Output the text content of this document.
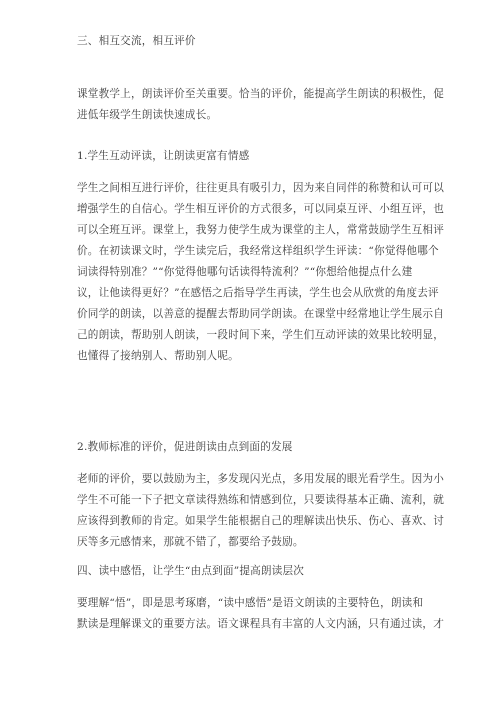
三、相互交流，相互评价
课堂教学上，朗读评价至关重要。恰当的评价，能提高学生朗读的积极性，促
进低年级学生朗读快速成长。
1.学生互动评读，让朗读更富有情感
学生之间相互进行评价，往往更具有吸引力，因为来自同伴的称赞和认可可以
增强学生的自信心。学生相互评价的方式很多，可以同桌互评、小组互评，也
可以全班互评。课堂上，我努力使学生成为课堂的主人，常常鼓励学生互相评
价。在初读课文时，学生读完后，我经常这样组织学生评读：“你觉得他哪个
词读得特别准？”“你觉得他哪句话读得特流利？”“你想给他提点什么建
议，让他读得更好？”在感悟之后指导学生再读，学生也会从欣赏的角度去评
价同学的朗读，以善意的提醒去帮助同学朗读。在课堂中经常地让学生展示自
己的朗读，帮助别人朗读，一段时间下来，学生们互动评读的效果比较明显，
也懂得了接纳别人、帮助别人呢。
2.教师标准的评价，促进朗读由点到面的发展
老师的评价，要以鼓励为主，多发现闪光点，多用发展的眼光看学生。因为小
学生不可能一下子把文章读得熟练和情感到位，只要读得基本正确、流利，就
应该得到教师的肯定。如果学生能根据自己的理解读出快乐、伤心、喜欢、讨
厌等多元感情来，那就不错了，都要给予鼓励。
四、读中感悟，让学生“由点到面”提高朗读层次
要理解“悟”，即是思考琢磨，“读中感悟”是语文朗读的主要特色，朗读和
默读是理解课文的重要方法。语文课程具有丰富的人文内涵，只有通过读，才
